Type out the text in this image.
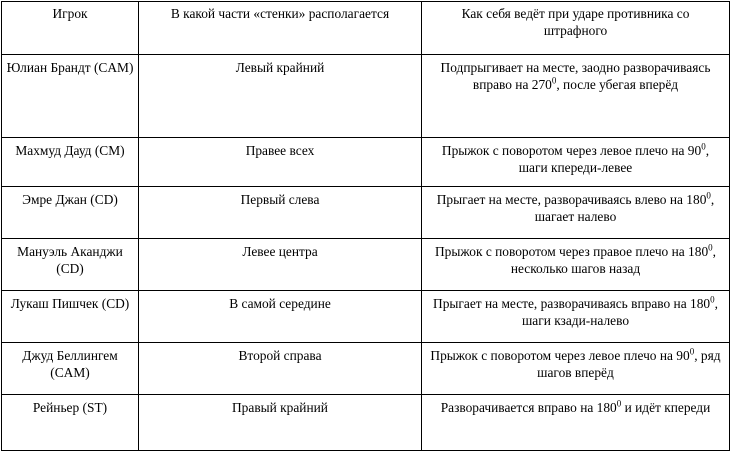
Игрок	В какой части «стенки» располагается	Как себя ведёт при ударе противника со штрафного

Юлиан Брандт (CAM)	Левый крайний	Подпрыгивает на месте, заодно разворачиваясь вправо на $270^0$, после убегая вперёд

Махмуд Дауд (CM)	Правее всех	Прыжок с поворотом через левое плечо на $90^0$, шаги кпереди-левее

Эмре Джан (CD)	Первый слева	Прыгает на месте, разворачиваясь влево на $180^0$, шагает налево

Мануэль Аканджи (CD)	Левее центра	Прыжок с поворотом через правое плечо на $180^0$, несколько шагов назад

Лукаш Пишчек (CD)	В самой середине	Прыгает на месте, разворачиваясь вправо на $180^0$, шаги кзади-налево

Джуд Беллингем (CAM)	Второй справа	Прыжок с поворотом через левое плечо на $90^0$, ряд шагов вперёд

Рейньер (ST)	Правый крайний	Разворачивается вправо на $180^0$ и идёт кпереди
